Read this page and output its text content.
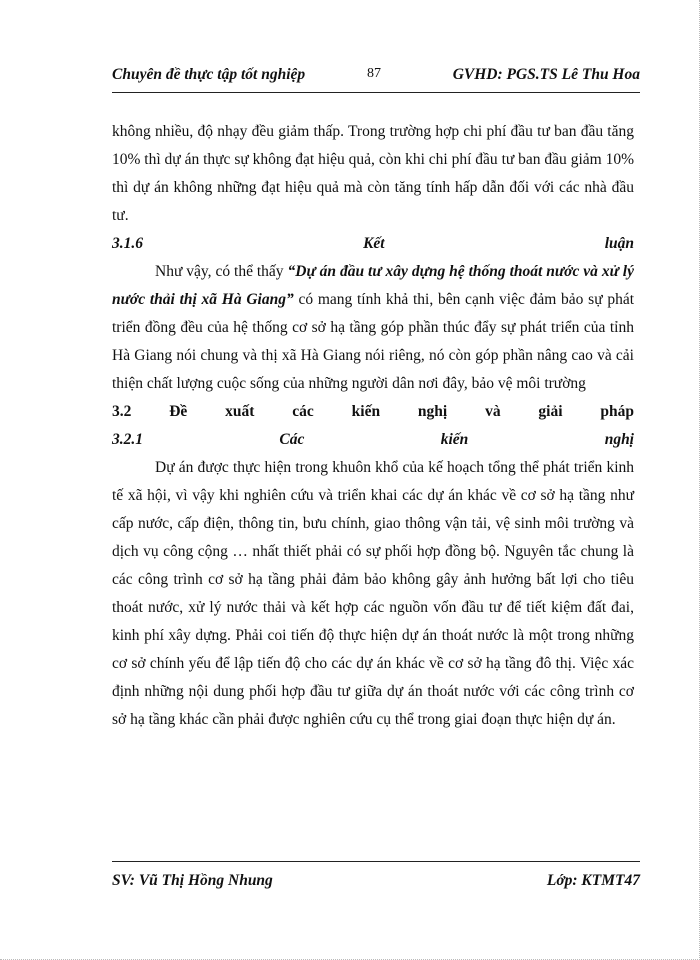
Chuyên đề thực tập tốt nghiệp	87	GVHD: PGS.TS Lê Thu Hoa

không nhiều, độ nhạy đều giảm thấp. Trong trường hợp chi phí đầu tư ban đầu tăng 10% thì dự án thực sự không đạt hiệu quả, còn khi chi phí đầu tư ban đầu giảm 10% thì dự án không những đạt hiệu quả mà còn tăng tính hấp dẫn đối với các nhà đầu tư.

3.1.6 Kết luận

Như vậy, có thể thấy “Dự án đầu tư xây dựng hệ thống thoát nước và xử lý nước thải thị xã Hà Giang” có mang tính khả thi, bên cạnh việc đảm bảo sự phát triển đồng đều của hệ thống cơ sở hạ tầng góp phần thúc đẩy sự phát triển của tỉnh Hà Giang nói chung và thị xã Hà Giang nói riêng, nó còn góp phần nâng cao và cải thiện chất lượng cuộc sống của những người dân nơi đây, bảo vệ môi trường

3.2 Đề xuất các kiến nghị và giải pháp

3.2.1 Các kiến nghị

Dự án được thực hiện trong khuôn khổ của kế hoạch tổng thể phát triển kinh tế xã hội, vì vậy khi nghiên cứu và triển khai các dự án khác về cơ sở hạ tầng như cấp nước, cấp điện, thông tin, bưu chính, giao thông vận tải, vệ sinh môi trường và dịch vụ công cộng … nhất thiết phải có sự phối hợp đồng bộ. Nguyên tắc chung là các công trình cơ sở hạ tầng phải đảm bảo không gây ảnh hưởng bất lợi cho tiêu thoát nước, xử lý nước thải và kết hợp các nguồn vốn đầu tư để tiết kiệm đất đai, kinh phí xây dựng. Phải coi tiến độ thực hiện dự án thoát nước là một trong những cơ sở chính yếu để lập tiến độ cho các dự án khác về cơ sở hạ tầng đô thị. Việc xác định những nội dung phối hợp đầu tư giữa dự án thoát nước với các công trình cơ sở hạ tầng khác cần phải được nghiên cứu cụ thể trong giai đoạn thực hiện dự án.

SV: Vũ Thị Hồng Nhung	Lớp: KTMT47
